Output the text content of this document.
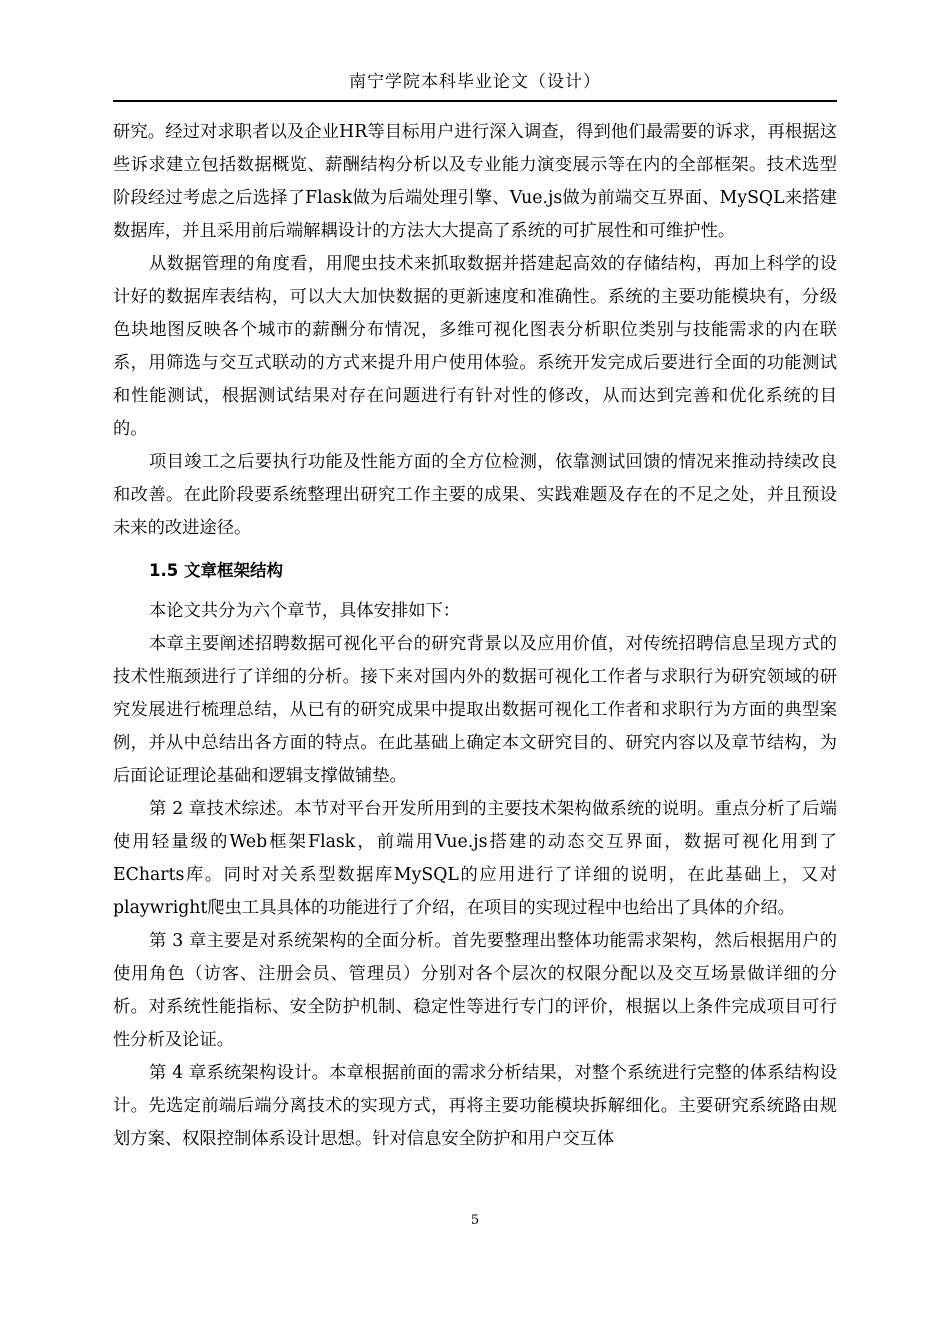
南宁学院本科毕业论文（设计）

研究。经过对求职者以及企业HR等目标用户进行深入调查，得到他们最需要的诉求，再根据这些诉求建立包括数据概览、薪酬结构分析以及专业能力演变展示等在内的全部框架。技术选型阶段经过考虑之后选择了Flask做为后端处理引擎、Vue.js做为前端交互界面、MySQL来搭建数据库，并且采用前后端解耦设计的方法大大提高了系统的可扩展性和可维护性。

从数据管理的角度看，用爬虫技术来抓取数据并搭建起高效的存储结构，再加上科学的设计好的数据库表结构，可以大大加快数据的更新速度和准确性。系统的主要功能模块有，分级色块地图反映各个城市的薪酬分布情况，多维可视化图表分析职位类别与技能需求的内在联系，用筛选与交互式联动的方式来提升用户使用体验。系统开发完成后要进行全面的功能测试和性能测试，根据测试结果对存在问题进行有针对性的修改，从而达到完善和优化系统的目的。

项目竣工之后要执行功能及性能方面的全方位检测，依靠测试回馈的情况来推动持续改良和改善。在此阶段要系统整理出研究工作主要的成果、实践难题及存在的不足之处，并且预设未来的改进途径。

1.5 文章框架结构

本论文共分为六个章节，具体安排如下：

本章主要阐述招聘数据可视化平台的研究背景以及应用价值，对传统招聘信息呈现方式的技术性瓶颈进行了详细的分析。接下来对国内外的数据可视化工作者与求职行为研究领域的研究发展进行梳理总结，从已有的研究成果中提取出数据可视化工作者和求职行为方面的典型案例，并从中总结出各方面的特点。在此基础上确定本文研究目的、研究内容以及章节结构，为后面论证理论基础和逻辑支撑做铺垫。

第 2 章技术综述。本节对平台开发所用到的主要技术架构做系统的说明。重点分析了后端使用轻量级的Web框架Flask，前端用Vue.js搭建的动态交互界面，数据可视化用到了ECharts库。同时对关系型数据库MySQL的应用进行了详细的说明，在此基础上，又对playwright爬虫工具具体的功能进行了介绍，在项目的实现过程中也给出了具体的介绍。

第 3 章主要是对系统架构的全面分析。首先要整理出整体功能需求架构，然后根据用户的使用角色（访客、注册会员、管理员）分别对各个层次的权限分配以及交互场景做详细的分析。对系统性能指标、安全防护机制、稳定性等进行专门的评价，根据以上条件完成项目可行性分析及论证。

第 4 章系统架构设计。本章根据前面的需求分析结果，对整个系统进行完整的体系结构设计。先选定前端后端分离技术的实现方式，再将主要功能模块拆解细化。主要研究系统路由规划方案、权限控制体系设计思想。针对信息安全防护和用户交互体

5
